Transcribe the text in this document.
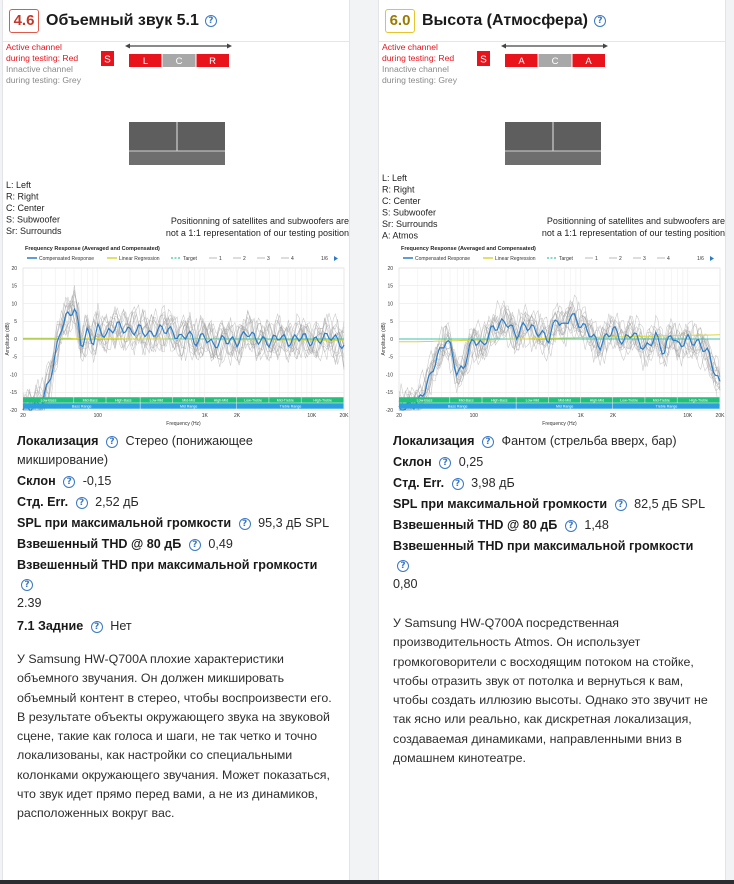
4.6 Объемный звук 5.1	?
Active channel
during testing: Red
Innactive channel
during testing: Grey
S	L	C	R
L: Left
R: Right
C: Center
S: Subwoofer
Sr: Surrounds
Positionning of satellites and subwoofers are
not a 1:1 representation of our testing position
Frequency Response (Averaged and Compensated)
Compensated Response	Linear Regression	Target	1	2	3	4	1/6
20
15
10
5
0
-5
-10
-15
-20
Low-Bass	Mid-Bass	High-Bass	Low-Mid	Mid-Mid	High-Mid	Low-Treble	Mid-Treble	High-Treble
Bass Range	Mid Range	Treble Range
20	100	1K	2K	10K	20K
Frequency (Hz)
Amplitude (dB)
Локализация ? Стерео (понижающее микширование)
Склон ? -0,15
Стд. Err. ? 2,52 дБ
SPL при максимальной громкости ? 95,3 дБ SPL
Взвешенный THD @ 80 дБ ? 0,49
Взвешенный THD при максимальной громкости ?
2.39
7.1 Задние ? Нет

У Samsung HW-Q700A плохие характеристики объемного звучания. Он должен микшировать объемный контент в стерео, чтобы воспроизвести его. В результате объекты окружающего звука на звуковой сцене, такие как голоса и шаги, не так четко и точно локализованы, как настройки со специальными колонками окружающего звучания. Может показаться, что звук идет прямо перед вами, а не из динамиков, расположенных вокруг вас.

6.0 Высота (Атмосфера)	?
Active channel
during testing: Red
Innactive channel
during testing: Grey
S	A	C	A
L: Left
R: Right
C: Center
S: Subwoofer
Sr: Surrounds
A: Atmos
Positionning of satellites and subwoofers are
not a 1:1 representation of our testing position
Frequency Response (Averaged and Compensated)
Compensated Response	Linear Regression	Target	1	2	3	4	1/6
20
15
10
5
0
-5
-10
-15
-20
Low-Bass	Mid-Bass	High-Bass	Low-Mid	Mid-Mid	High-Mid	Low-Treble	Mid-Treble	High-Treble
Bass Range	Mid Range	Treble Range
20	100	1K	2K	10K	20K
Frequency (Hz)
Amplitude (dB)
Локализация ? Фантом (стрельба вверх, бар)
Склон ? 0,25
Стд. Err. ? 3,98 дБ
SPL при максимальной громкости ? 82,5 дБ SPL
Взвешенный THD @ 80 дБ ? 1,48
Взвешенный THD при максимальной громкости ?
0,80

У Samsung HW-Q700A посредственная производительность Atmos. Он использует громкоговорители с восходящим потоком на стойке, чтобы отразить звук от потолка и вернуться к вам, чтобы создать иллюзию высоты. Однако это звучит не так ясно или реально, как дискретная локализация, создаваемая динамиками, направленными вниз в домашнем кинотеатре.
